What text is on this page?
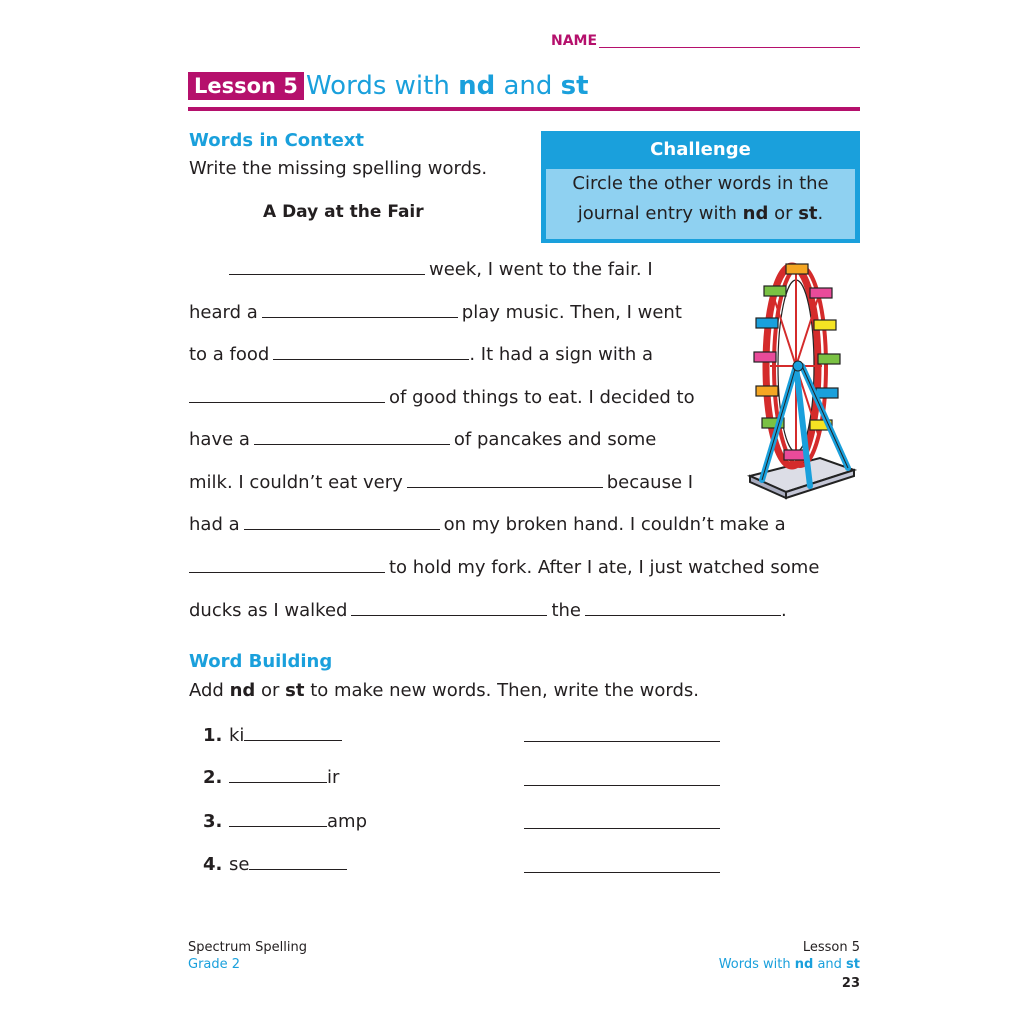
NAME
Lesson 5 Words with nd and st
Words in Context
Write the missing spelling words.
A Day at the Fair
Challenge
Circle the other words in the
journal entry with nd or st.
week, I went to the fair. I
heard a	play music. Then, I went
to a food	. It had a sign with a
of good things to eat. I decided to
have a	of pancakes and some
milk. I couldn’t eat very	because I
had a	on my broken hand. I couldn’t make a
to hold my fork. After I ate, I just watched some
ducks as I walked	the	.
Word Building
Add nd or st to make new words. Then, write the words.
1. ki
2.	ir
3.	amp
4. se
Spectrum Spelling
Grade 2
Lesson 5
Words with nd and st
23
